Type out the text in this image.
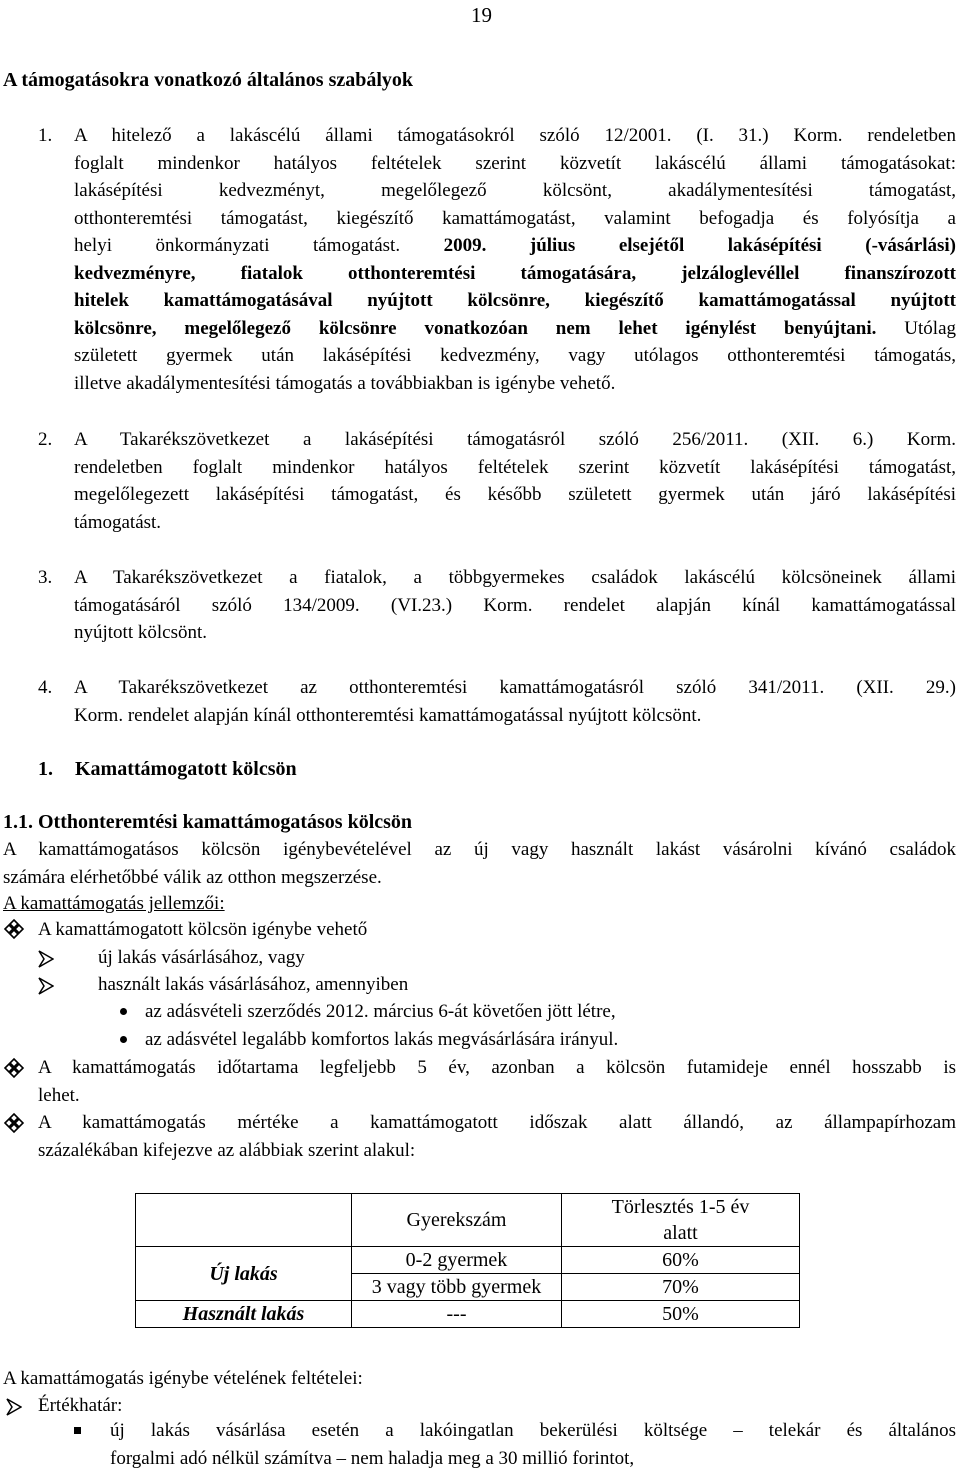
19
A támogatásokra vonatkozó általános szabályok
1. A hitelező a lakáscélú állami támogatásokról szóló 12/2001. (I. 31.) Korm. rendeletben
foglalt mindenkor hatályos feltételek szerint közvetít lakáscélú állami támogatásokat:
lakásépítési kedvezményt, megelőlegező kölcsönt, akadálymentesítési támogatást,
otthonteremtési támogatást, kiegészítő kamattámogatást, valamint befogadja és folyósítja a
helyi önkormányzati támogatást. 2009. július elsejétől lakásépítési (-vásárlási)
kedvezményre, fiatalok otthonteremtési támogatására, jelzáloglevéllel finanszírozott
hitelek kamattámogatásával nyújtott kölcsönre, kiegészítő kamattámogatással nyújtott
kölcsönre, megelőlegező kölcsönre vonatkozóan nem lehet igénylést benyújtani. Utólag
született gyermek után lakásépítési kedvezmény, vagy utólagos otthonteremtési támogatás,
illetve akadálymentesítési támogatás a továbbiakban is igénybe vehető.
2. A Takarékszövetkezet a lakásépítési támogatásról szóló 256/2011. (XII. 6.) Korm.
rendeletben foglalt mindenkor hatályos feltételek szerint közvetít lakásépítési támogatást,
megelőlegezett lakásépítési támogatást, és később született gyermek után járó lakásépítési
támogatást.
3. A Takarékszövetkezet a fiatalok, a többgyermekes családok lakáscélú kölcsöneinek állami
támogatásáról szóló 134/2009. (VI.23.) Korm. rendelet alapján kínál kamattámogatással
nyújtott kölcsönt.
4. A Takarékszövetkezet az otthonteremtési kamattámogatásról szóló 341/2011. (XII. 29.)
Korm. rendelet alapján kínál otthonteremtési kamattámogatással nyújtott kölcsönt.
1. Kamattámogatott kölcsön
1.1. Otthonteremtési kamattámogatásos kölcsön
A kamattámogatásos kölcsön igénybevételével az új vagy használt lakást vásárolni kívánó családok
számára elérhetőbbé válik az otthon megszerzése.
A kamattámogatás jellemzői:
A kamattámogatott kölcsön igénybe vehető
új lakás vásárlásához, vagy
használt lakás vásárlásához, amennyiben
az adásvételi szerződés 2012. március 6-át követően jött létre,
az adásvétel legalább komfortos lakás megvásárlására irányul.
A kamattámogatás időtartama legfeljebb 5 év, azonban a kölcsön futamideje ennél hosszabb is
lehet.
A kamattámogatás mértéke a kamattámogatott időszak alatt állandó, az állampapírhozam
százalékában kifejezve az alábbiak szerint alakul:
	Gyerekszám	Törlesztés 1-5 év
alatt

Új lakás	0-2 gyermek	60%
	3 vagy több gyermek	70%
Használt lakás	---	50%
A kamattámogatás igénybe vételének feltételei:
Értékhatár:
új lakás vásárlása esetén a lakóingatlan bekerülési költsége – telekár és általános
forgalmi adó nélkül számítva – nem haladja meg a 30 millió forintot,
